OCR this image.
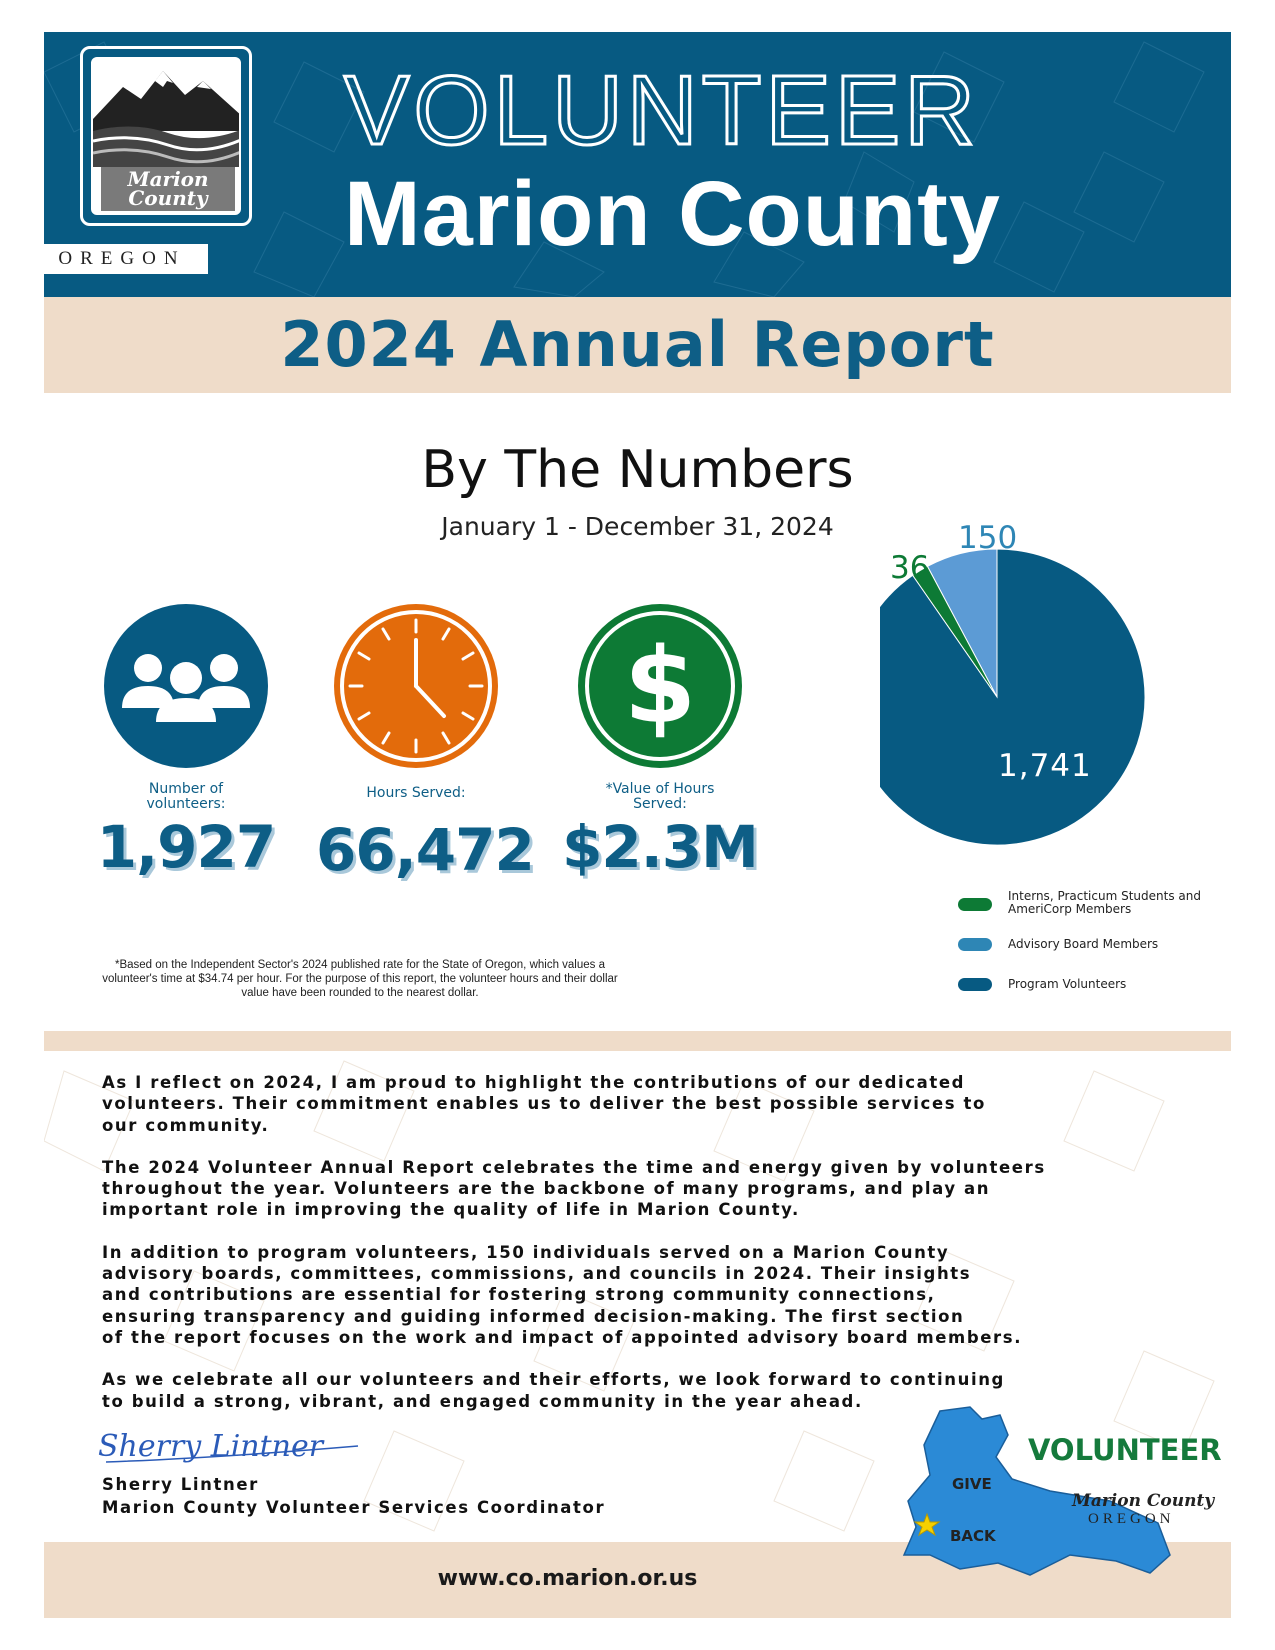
Marion County
VOLUNTEER
Marion County
OREGON
2024 Annual Report
By The Numbers
January 1 - December 31, 2024
Number of volunteers:
1,927
Hours Served:
66,472
$
*Value of Hours Served:
$2.3M
*Based on the Independent Sector's 2024 published rate for the State of Oregon, which values a volunteer's time at $34.74 per hour. For the purpose of this report, the volunteer hours and their dollar value have been rounded to the nearest dollar.
36
150
1,741
Interns, Practicum Students and AmeriCorp Members
Advisory Board Members
Program Volunteers

As I reflect on 2024, I am proud to highlight the contributions of our dedicated
volunteers. Their commitment enables us to deliver the best possible services to
our community.

The 2024 Volunteer Annual Report celebrates the time and energy given by volunteers
throughout the year. Volunteers are the backbone of many programs, and play an
important role in improving the quality of life in Marion County.

In addition to program volunteers, 150 individuals served on a Marion County
advisory boards, committees, commissions, and councils in 2024. Their insights
and contributions are essential for fostering strong community connections,
ensuring transparency and guiding informed decision-making. The first section
of the report focuses on the work and impact of appointed advisory board members.

As we celebrate all our volunteers and their efforts, we look forward to continuing
to build a strong, vibrant, and engaged community in the year ahead.

Sherry Lintner
Sherry Lintner
Marion County Volunteer Services Coordinator
www.co.marion.or.us
VOLUNTEER
GIVE
BACK
Marion County
OREGON
